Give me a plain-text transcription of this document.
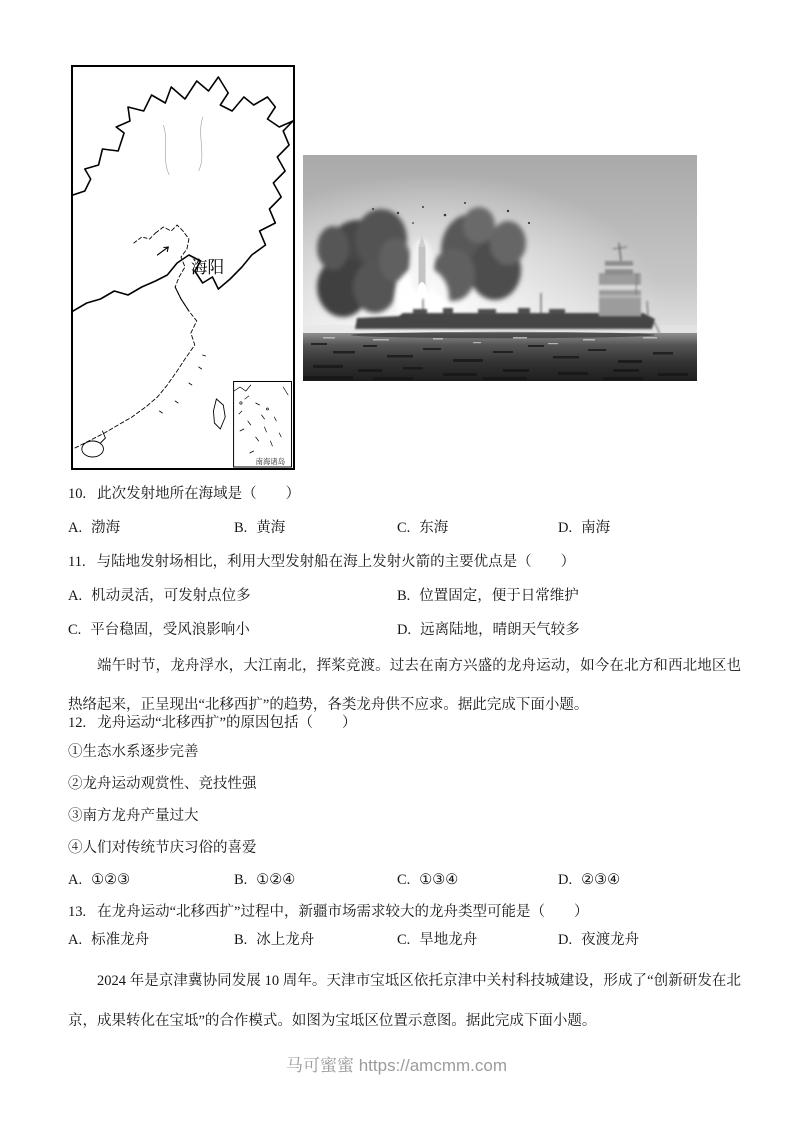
海阳
南海诸岛
10. 此次发射地所在海域是（　　）
A. 渤海	B. 黄海	C. 东海	D. 南海
11. 与陆地发射场相比，利用大型发射船在海上发射火箭的主要优点是（　　）
A. 机动灵活，可发射点位多	B. 位置固定，便于日常维护
C. 平台稳固，受风浪影响小	D. 远离陆地，晴朗天气较多
端午时节，龙舟浮水，大江南北，挥桨竞渡。过去在南方兴盛的龙舟运动，如今在北方和西北地区也热络起来，正呈现出“北移西扩”的趋势，各类龙舟供不应求。据此完成下面小题。
12. 龙舟运动“北移西扩”的原因包括（　　）
①生态水系逐步完善
②龙舟运动观赏性、竞技性强
③南方龙舟产量过大
④人们对传统节庆习俗的喜爱
A. ①②③	B. ①②④	C. ①③④	D. ②③④
13. 在龙舟运动“北移西扩”过程中，新疆市场需求较大的龙舟类型可能是（　　）
A. 标准龙舟	B. 冰上龙舟	C. 旱地龙舟	D. 夜渡龙舟
2024 年是京津冀协同发展 10 周年。天津市宝坻区依托京津中关村科技城建设，形成了“创新研发在北京，成果转化在宝坻”的合作模式。如图为宝坻区位置示意图。据此完成下面小题。
马可蜜蜜 https://amcmm.com
